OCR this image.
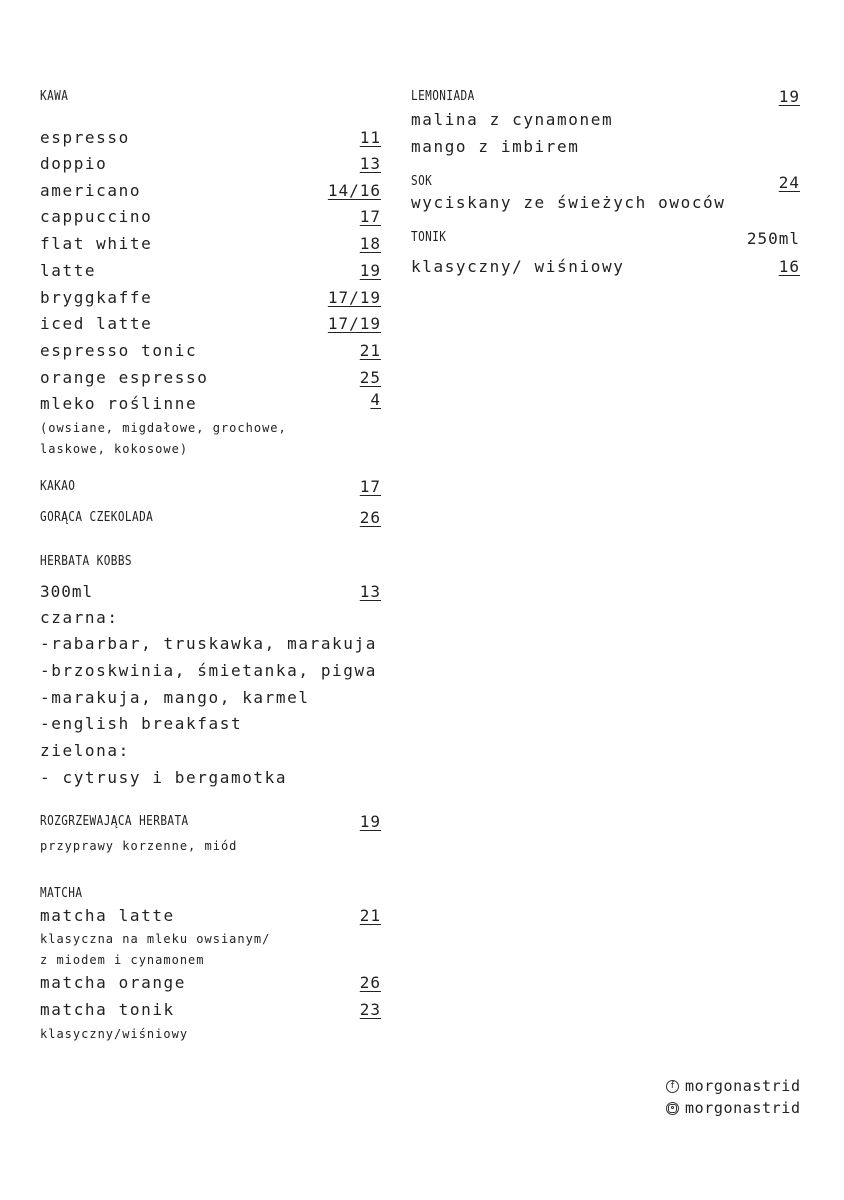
KAWA
espresso	11
doppio	13
americano	14/16
cappuccino	17
flat white	18
latte	19
bryggkaffe	17/19
iced latte	17/19
espresso tonic	21
orange espresso	25
mleko roślinne	4
(owsiane, migdałowe, grochowe,
laskowe, kokosowe)
KAKAO	17
GORĄCA CZEKOLADA	26
HERBATA KOBBS
300ml	13
czarna:
-rabarbar, truskawka, marakuja
-brzoskwinia, śmietanka, pigwa
-marakuja, mango, karmel
-english breakfast
zielona:
- cytrusy i bergamotka
ROZGRZEWAJĄCA HERBATA	19
przyprawy korzenne, miód
MATCHA
matcha latte	21
klasyczna na mleku owsianym/
z miodem i cynamonem
matcha orange	26
matcha tonik	23
klasyczny/wiśniowy
LEMONIADA	19
malina z cynamonem
mango z imbirem
SOK	24
wyciskany ze świeżych owoców
TONIK	250ml
klasyczny/ wiśniowy	16
f morgonastrid
morgonastrid
